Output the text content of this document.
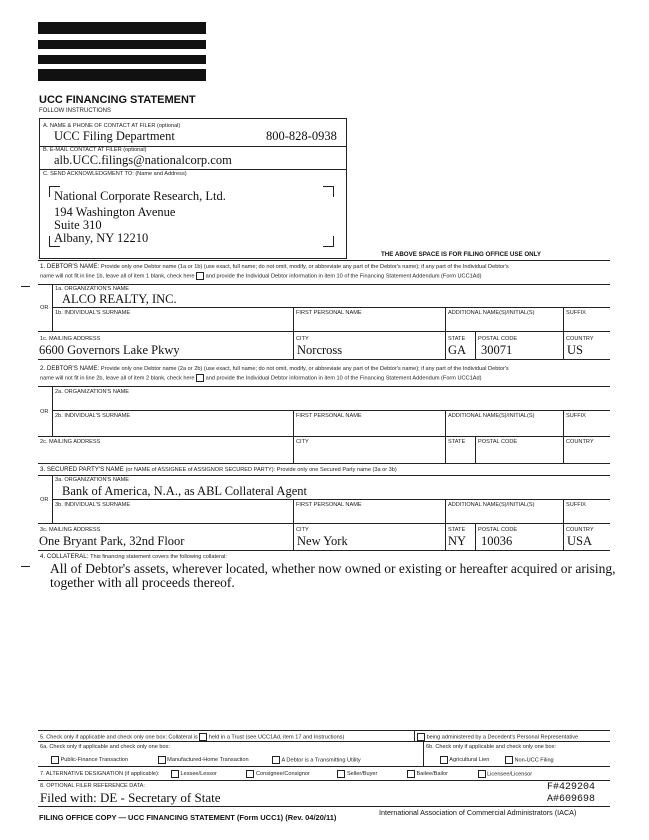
UCC FINANCING STATEMENT
FOLLOW INSTRUCTIONS
A. NAME & PHONE OF CONTACT AT FILER (optional)
UCC Filing Department	800-828-0938
B. E-MAIL CONTACT AT FILER (optional)
alb.UCC.filings@nationalcorp.com
C. SEND ACKNOWLEDGMENT TO: (Name and Address)
National Corporate Research, Ltd.
194 Washington Avenue
Suite 310
Albany, NY 12210
THE ABOVE SPACE IS FOR FILING OFFICE USE ONLY
1. DEBTOR'S NAME: Provide only one Debtor name (1a or 1b) (use exact, full name; do not omit, modify, or abbreviate any part of the Debtor's name); if any part of the Individual Debtor's
name will not fit in line 1b, leave all of item 1 blank, check here and provide the Individual Debtor information in item 10 of the Financing Statement Addendum (Form UCC1Ad)
1a. ORGANIZATION'S NAME
ALCO REALTY, INC.
OR
1b. INDIVIDUAL'S SURNAME	FIRST PERSONAL NAME	ADDITIONAL NAME(S)/INITIAL(S)	SUFFIX
1c. MAILING ADDRESS
6600 Governors Lake Pkwy
CITY
Norcross
STATE
GA
POSTAL CODE
30071
COUNTRY
US
2. DEBTOR'S NAME: Provide only one Debtor name (2a or 2b) (use exact, full name; do not omit, modify, or abbreviate any part of the Debtor's name); if any part of the Individual Debtor's
name will not fit in line 2b, leave all of item 2 blank, check here and provide the Individual Debtor information in item 10 of the Financing Statement Addendum (Form UCC1Ad)
2a. ORGANIZATION'S NAME
OR
2b. INDIVIDUAL'S SURNAME	FIRST PERSONAL NAME	ADDITIONAL NAME(S)/INITIAL(S)	SUFFIX
2c. MAILING ADDRESS	CITY	STATE POSTAL CODE	COUNTRY
3. SECURED PARTY'S NAME (or NAME of ASSIGNEE of ASSIGNOR SECURED PARTY): Provide only one Secured Party name (3a or 3b)
3a. ORGANIZATION'S NAME
Bank of America, N.A., as ABL Collateral Agent
OR
3b. INDIVIDUAL'S SURNAME	FIRST PERSONAL NAME	ADDITIONAL NAME(S)/INITIAL(S)	SUFFIX
3c. MAILING ADDRESS
One Bryant Park, 32nd Floor
CITY
New York
STATE
NY
POSTAL CODE
10036
COUNTRY
USA
4. COLLATERAL: This financing statement covers the following collateral:
All of Debtor's assets, wherever located, whether now owned or existing or hereafter acquired or arising,
together with all proceeds thereof.
5. Check only if applicable and check only one box: Collateral is held in a Trust (see UCC1Ad, item 17 and Instructions)	being administered by a Decedent's Personal Representative
6a. Check only if applicable and check only one box:
Public-Finance Transaction	Manufactured-Home Transaction	A Debtor is a Transmitting Utility
6b. Check only if applicable and check only one box:
Agricultural Lien	Non-UCC Filing
7. ALTERNATIVE DESIGNATION (if applicable):	Lessee/Lessor	Consignee/Consignor	Seller/Buyer	Bailee/Bailor	Licensee/Licensor
8. OPTIONAL FILER REFERENCE DATA:
Filed with: DE - Secretary of State
F#429204
A#609698
FILING OFFICE COPY — UCC FINANCING STATEMENT (Form UCC1) (Rev. 04/20/11)
International Association of Commercial Administrators (IACA)
